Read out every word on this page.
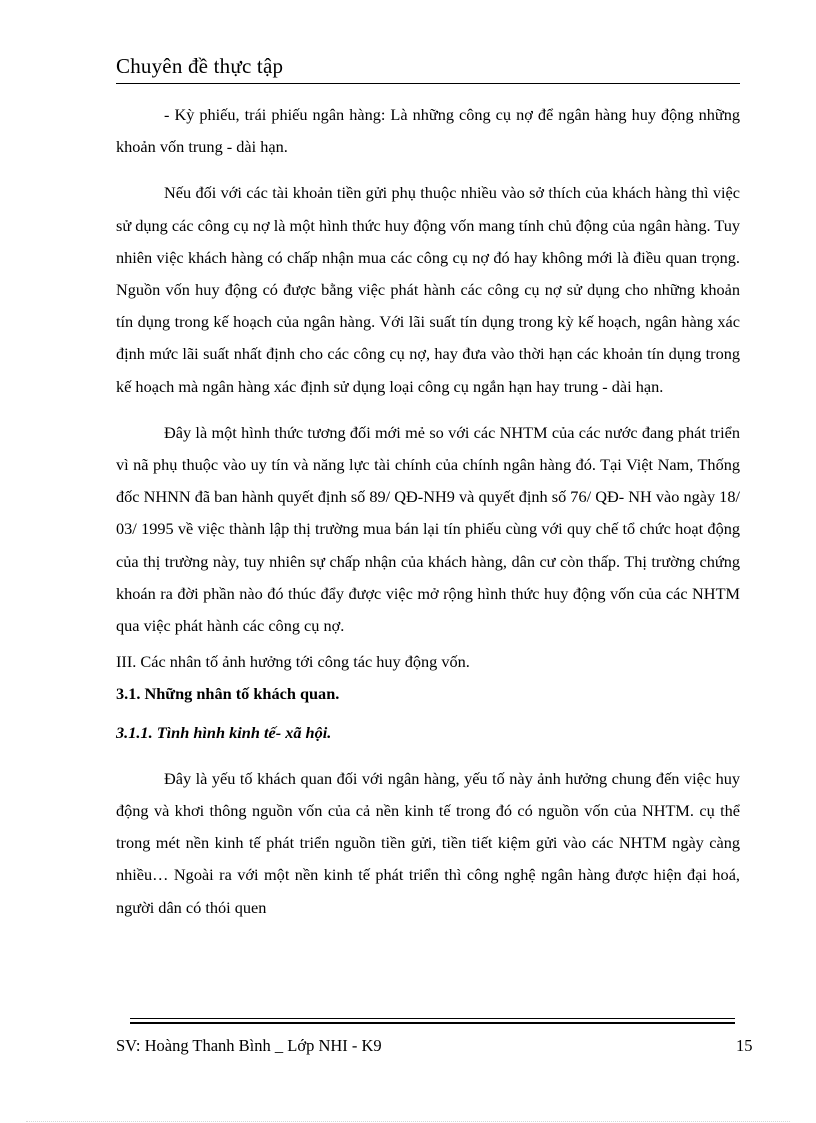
Chuyên đề thực tập

- Kỳ phiếu, trái phiếu ngân hàng: Là những công cụ nợ để ngân hàng huy động những khoản vốn trung - dài hạn.

Nếu đối với các tài khoản tiền gửi phụ thuộc nhiều vào sở thích của khách hàng thì việc sử dụng các công cụ nợ là một hình thức huy động vốn mang tính chủ động của ngân hàng. Tuy nhiên việc khách hàng có chấp nhận mua các công cụ nợ đó hay không mới là điều quan trọng. Nguồn vốn huy động có được bằng việc phát hành các công cụ nợ sử dụng cho những khoản tín dụng trong kế hoạch của ngân hàng. Với lãi suất tín dụng trong kỳ kế hoạch, ngân hàng xác định mức lãi suất nhất định cho các công cụ nợ, hay đưa vào thời hạn các khoản tín dụng trong kế hoạch mà ngân hàng xác định sử dụng loại công cụ ngắn hạn hay trung - dài hạn.

Đây là một hình thức tương đối mới mẻ so với các NHTM của các nước đang phát triển vì nã phụ thuộc vào uy tín và năng lực tài chính của chính ngân hàng đó. Tại Việt Nam, Thống đốc NHNN đã ban hành quyết định số 89/ QĐ-NH9 và quyết định số 76/ QĐ- NH vào ngày 18/ 03/ 1995 về việc thành lập thị trường mua bán lại tín phiếu cùng với quy chế tổ chức hoạt động của thị trường này, tuy nhiên sự chấp nhận của khách hàng, dân cư còn thấp. Thị trường chứng khoán ra đời phần nào đó thúc đẩy được việc mở rộng hình thức huy động vốn của các NHTM qua việc phát hành các công cụ nợ.

III. Các nhân tố ảnh hưởng tới công tác huy động vốn.

3.1. Những nhân tố khách quan.

3.1.1. Tình hình kinh tế- xã hội.

Đây là yếu tố khách quan đối với ngân hàng, yếu tố này ảnh hưởng chung đến việc huy động và khơi thông nguồn vốn của cả nền kinh tế trong đó có nguồn vốn của NHTM. cụ thể trong mét nền kinh tế phát triển nguồn tiền gửi, tiền tiết kiệm gửi vào các NHTM ngày càng nhiều… Ngoài ra với một nền kinh tế phát triển thì công nghệ ngân hàng được hiện đại hoá, người dân có thói quen

SV: Hoàng Thanh Bình _ Lớp NHI - K9	15
